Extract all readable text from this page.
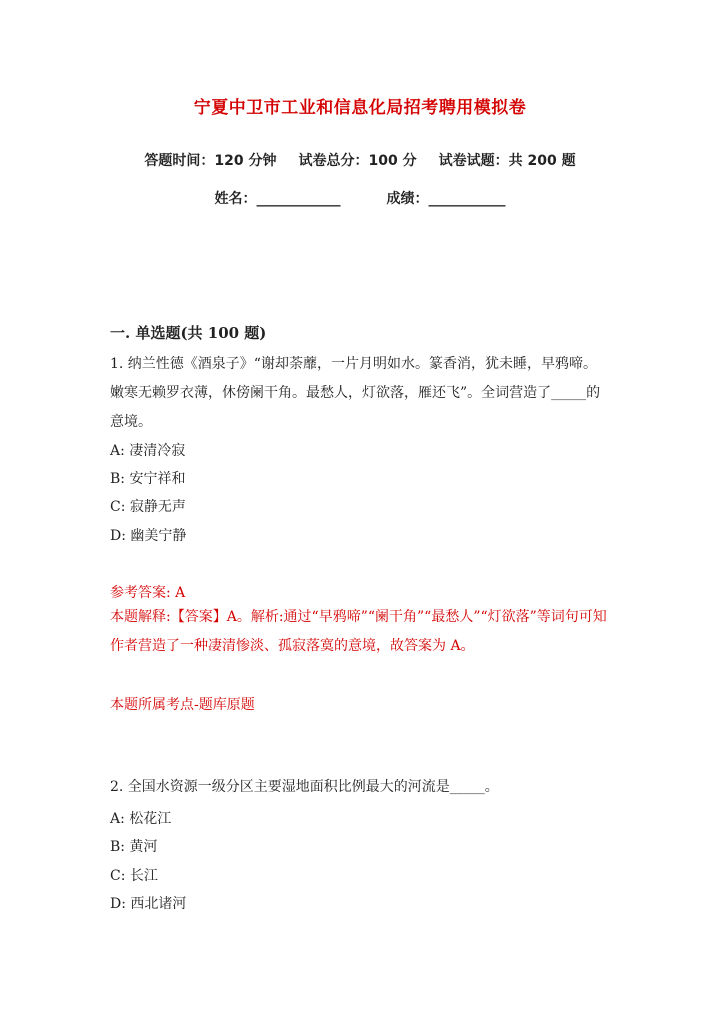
宁夏中卫市工业和信息化局招考聘用模拟卷
答题时间：120 分钟 试卷总分：100 分 试卷试题：共 200 题
姓名：____________	成绩：___________
一. 单选题(共 100 题)
1. 纳兰性德《酒泉子》“谢却荼蘼，一片月明如水。篆香消，犹未睡，早鸦啼。嫩寒无赖罗衣薄，休傍阑干角。最愁人，灯欲落，雁还飞”。全词营造了_____的意境。
A: 凄清冷寂
B: 安宁祥和
C: 寂静无声
D: 幽美宁静
参考答案: A
本题解释:【答案】A。解析:通过“早鸦啼”“阑干角”“最愁人”“灯欲落”等词句可知作者营造了一种凄清惨淡、孤寂落寞的意境，故答案为 A。
本题所属考点-题库原题
2. 全国水资源一级分区主要湿地面积比例最大的河流是_____。
A: 松花江
B: 黄河
C: 长江
D: 西北诸河
